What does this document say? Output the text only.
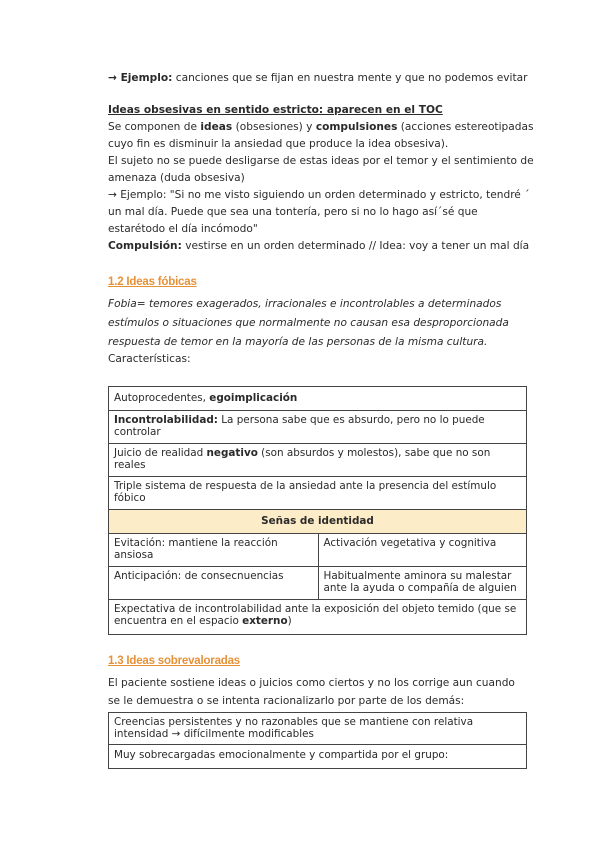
→ Ejemplo: canciones que se fijan en nuestra mente y que no podemos evitar
Ideas obsesivas en sentido estricto: aparecen en el TOC
Se componen de ideas (obsesiones) y compulsiones (acciones estereotipadas
cuyo fin es disminuir la ansiedad que produce la idea obsesiva).
El sujeto no se puede desligarse de estas ideas por el temor y el sentimiento de
amenaza (duda obsesiva)
→ Ejemplo: "Si no me visto siguiendo un orden determinado y estricto, tendré ´
un mal día. Puede que sea una tontería, pero si no lo hago así´sé que
estarétodo el día incómodo"
Compulsión: vestirse en un orden determinado // Idea: voy a tener un mal día
1.2 Ideas fóbicas
Fobia= temores exagerados, irracionales e incontrolables a determinados
estímulos o situaciones que normalmente no causan esa desproporcionada
respuesta de temor en la mayoría de las personas de la misma cultura.
Características:
Autoprocedentes, egoimplicación
Incontrolabilidad: La persona sabe que es absurdo, pero no lo puede controlar
Juicio de realidad negativo (son absurdos y molestos), sabe que no son reales
Triple sistema de respuesta de la ansiedad ante la presencia del estímulo fóbico
Señas de identidad
Evitación: mantiene la reacción ansiosa
Activación vegetativa y cognitiva
Anticipación: de consecnuencias	Habitualmente aminora su malestar ante la ayuda o compañía de alguien
Expectativa de incontrolabilidad ante la exposición del objeto temido (que se encuentra en el espacio externo)
1.3 Ideas sobrevaloradas
El paciente sostiene ideas o juicios como ciertos y no los corrige aun cuando
se le demuestra o se intenta racionalizarlo por parte de los demás:
Creencias persistentes y no razonables que se mantiene con relativa intensidad → difícilmente modificables
Muy sobrecargadas emocionalmente y compartida por el grupo:
